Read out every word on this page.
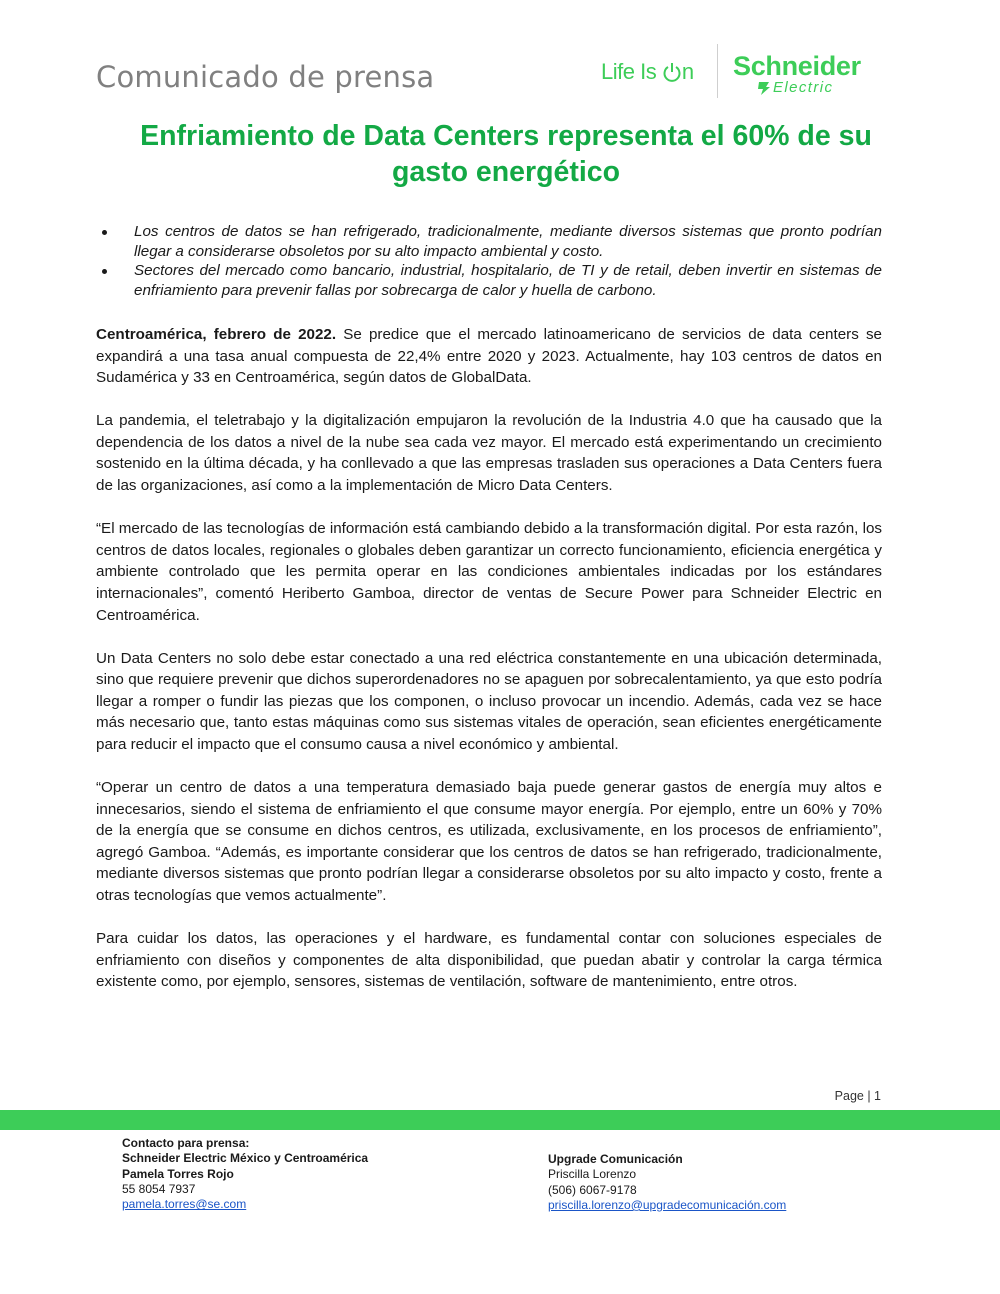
Comunicado de prensa	Life Is n Schneider
Electric
Enfriamiento de Data Centers representa el 60% de su gasto energético
Los centros de datos se han refrigerado, tradicionalmente, mediante diversos sistemas que pronto podrían llegar a considerarse obsoletos por su alto impacto ambiental y costo.
Sectores del mercado como bancario, industrial, hospitalario, de TI y de retail, deben invertir en sistemas de enfriamiento para prevenir fallas por sobrecarga de calor y huella de carbono.

Centroamérica, febrero de 2022. Se predice que el mercado latinoamericano de servicios de data centers se expandirá a una tasa anual compuesta de 22,4% entre 2020 y 2023. Actualmente, hay 103 centros de datos en Sudamérica y 33 en Centroamérica, según datos de GlobalData.

La pandemia, el teletrabajo y la digitalización empujaron la revolución de la Industria 4.0 que ha causado que la dependencia de los datos a nivel de la nube sea cada vez mayor. El mercado está experimentando un crecimiento sostenido en la última década, y ha conllevado a que las empresas trasladen sus operaciones a Data Centers fuera de las organizaciones, así como a la implementación de Micro Data Centers.

“El mercado de las tecnologías de información está cambiando debido a la transformación digital. Por esta razón, los centros de datos locales, regionales o globales deben garantizar un correcto funcionamiento, eficiencia energética y ambiente controlado que les permita operar en las condiciones ambientales indicadas por los estándares internacionales”, comentó Heriberto Gamboa, director de ventas de Secure Power para Schneider Electric en Centroamérica.

Un Data Centers no solo debe estar conectado a una red eléctrica constantemente en una ubicación determinada, sino que requiere prevenir que dichos superordenadores no se apaguen por sobrecalentamiento, ya que esto podría llegar a romper o fundir las piezas que los componen, o incluso provocar un incendio. Además, cada vez se hace más necesario que, tanto estas máquinas como sus sistemas vitales de operación, sean eficientes energéticamente para reducir el impacto que el consumo causa a nivel económico y ambiental.

“Operar un centro de datos a una temperatura demasiado baja puede generar gastos de energía muy altos e innecesarios, siendo el sistema de enfriamiento el que consume mayor energía. Por ejemplo, entre un 60% y 70% de la energía que se consume en dichos centros, es utilizada, exclusivamente, en los procesos de enfriamiento”, agregó Gamboa. “Además, es importante considerar que los centros de datos se han refrigerado, tradicionalmente, mediante diversos sistemas que pronto podrían llegar a considerarse obsoletos por su alto impacto y costo, frente a otras tecnologías que vemos actualmente”.

Para cuidar los datos, las operaciones y el hardware, es fundamental contar con soluciones especiales de enfriamiento con diseños y componentes de alta disponibilidad, que puedan abatir y controlar la carga térmica existente como, por ejemplo, sensores, sistemas de ventilación, software de mantenimiento, entre otros.

Page | 1
Contacto para prensa:
Schneider Electric México y Centroamérica
Pamela Torres Rojo
55 8054 7937
pamela.torres@se.com
Upgrade Comunicación
Priscilla Lorenzo
(506) 6067-9178
priscilla.lorenzo@upgradecomunicación.com
